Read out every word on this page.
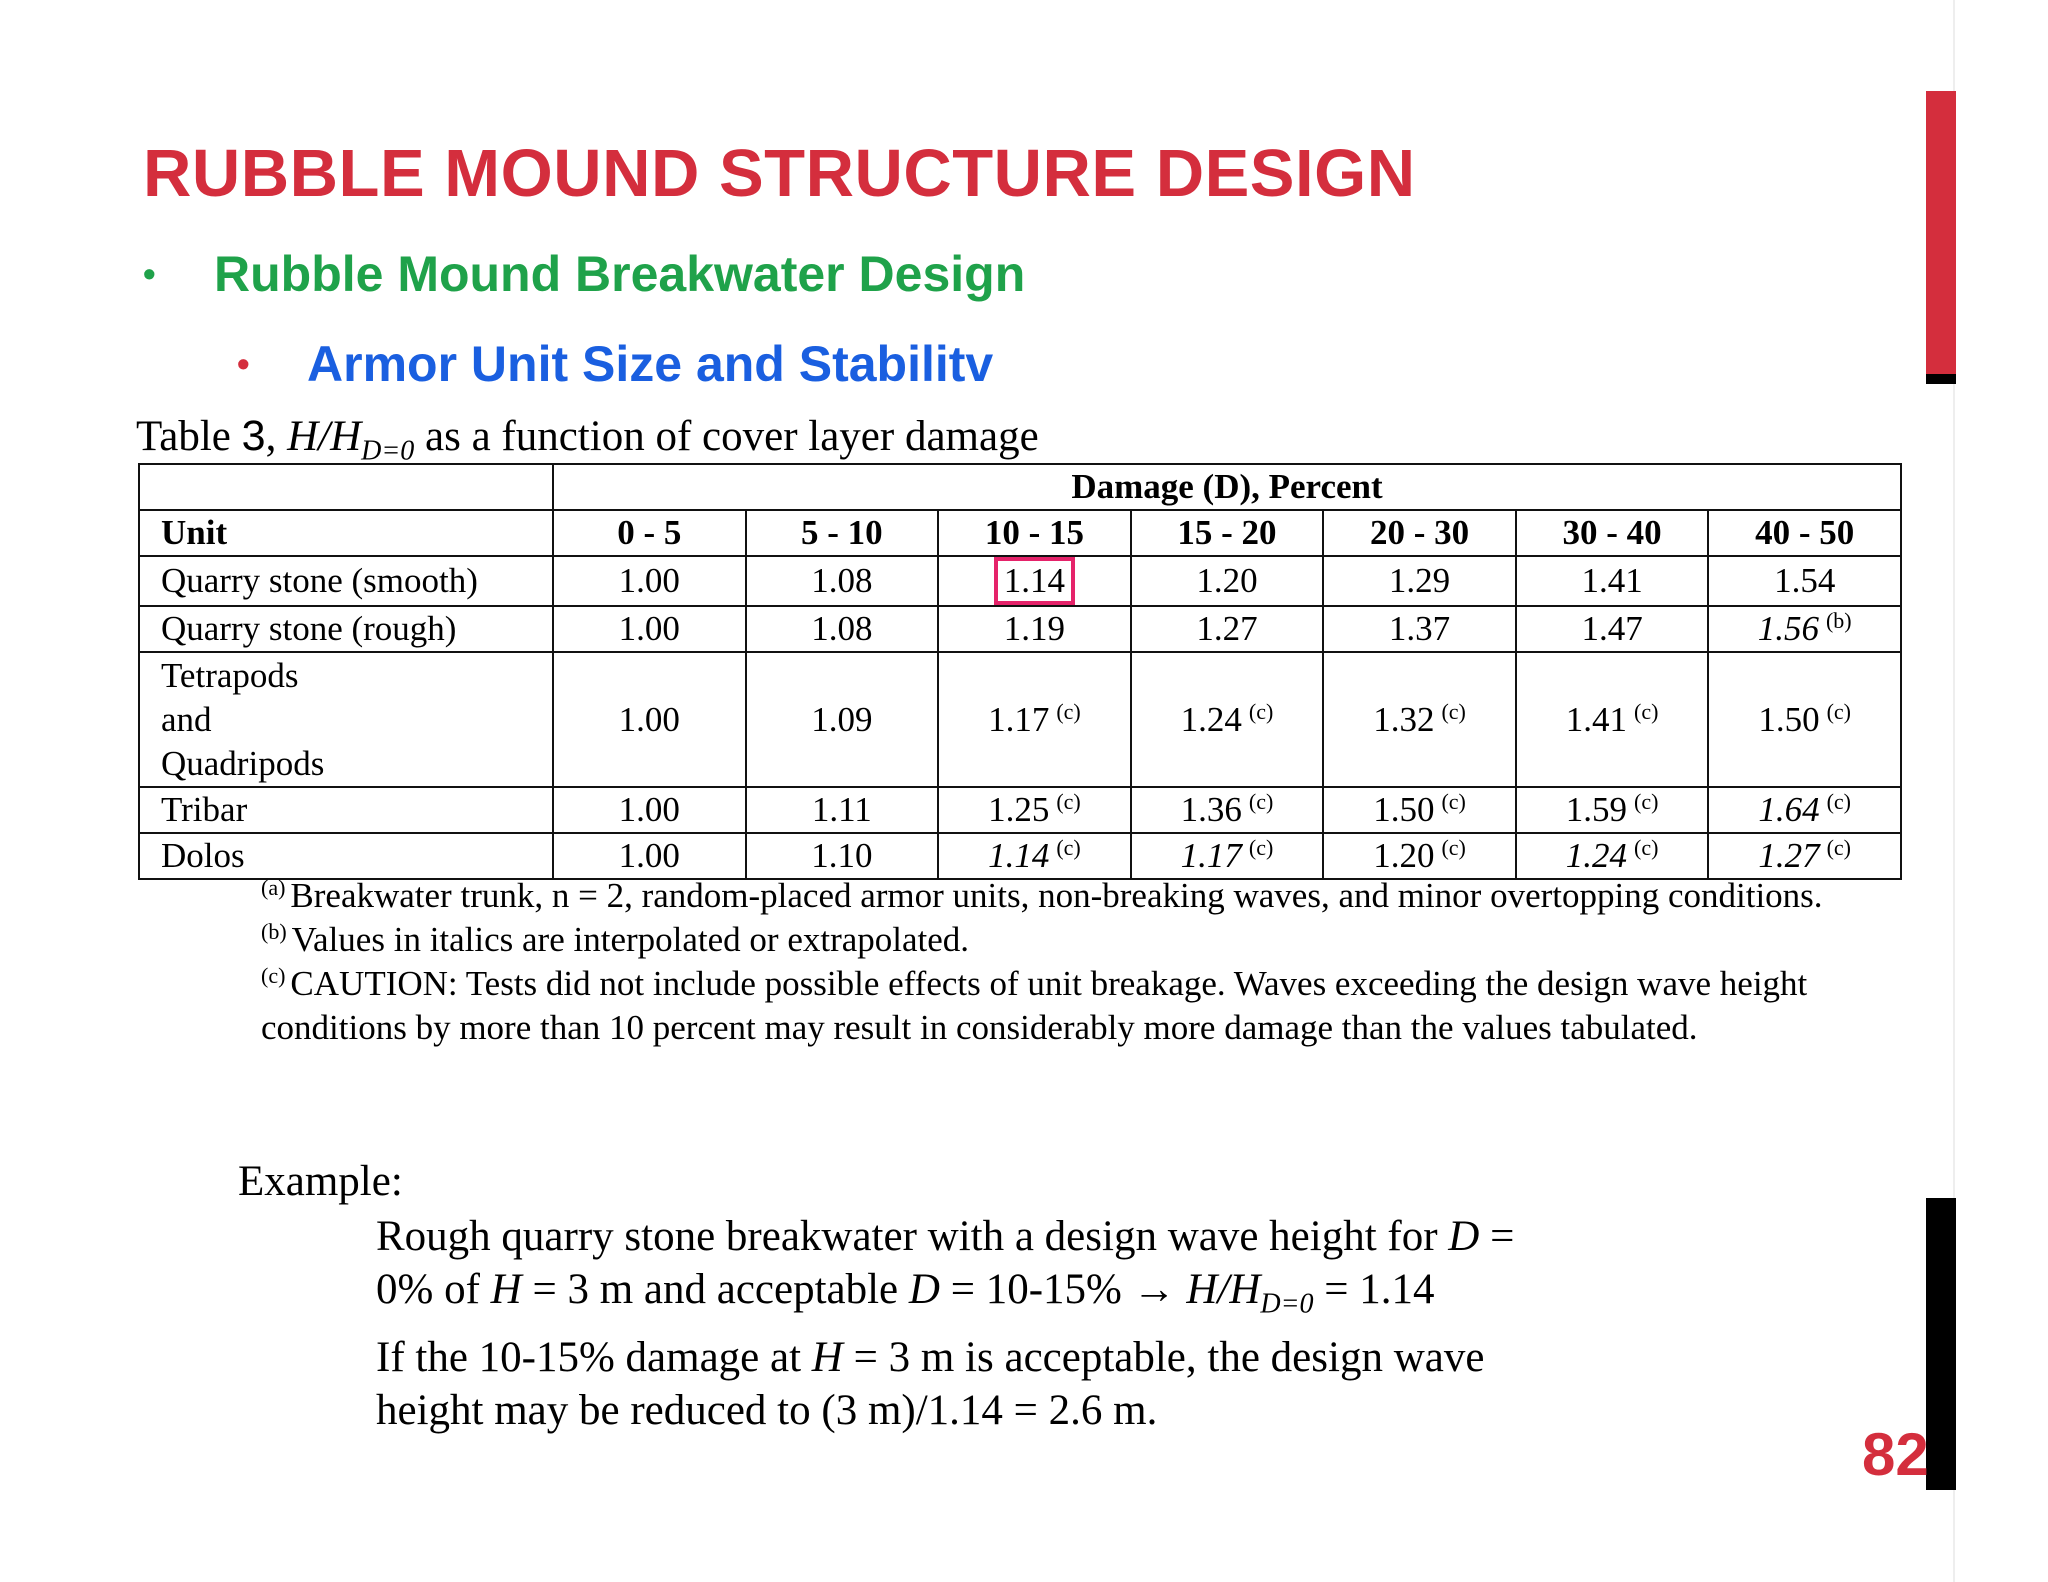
RUBBLE MOUND STRUCTURE DESIGN
• Rubble Mound Breakwater Design
• Armor Unit Size and Stabilitv
Table 3, $H/H_{D=0}$ as a function of cover layer damage
	Damage (D), Percent						
Unit	0 - 5	5 - 10	10 - 15	15 - 20	20 - 30	30 - 40	40 - 50
Quarry stone (smooth)	1.00	1.08	1.14	1.20	1.29	1.41	1.54
Quarry stone (rough)	1.00	1.08	1.19	1.27	1.37	1.47	1.56 $^{(b)}$

Tetrapods
and
Quadripods	1.00	1.09	1.17 $^{(c)}$	1.24 $^{(c)}$	1.32 $^{(c)}$	1.41 $^{(c)}$	1.50 $^{(c)}$
Tribar	1.00	1.11	1.25 $^{(c)}$	1.36 $^{(c)}$	1.50 $^{(c)}$	1.59 $^{(c)}$	1.64 $^{(c)}$
Dolos	1.00	1.10	1.14 $^{(c)}$	1.17 $^{(c)}$	1.20 $^{(c)}$	1.24 $^{(c)}$	1.27 $^{(c)}$

$^{(a)}$ Breakwater trunk, n = 2, random-placed armor units, non-breaking waves, and minor overtopping conditions.

$^{(b)}$ Values in italics are interpolated or extrapolated.

$^{(c)}$ CAUTION: Tests did not include possible effects of unit breakage. Waves exceeding the design wave height conditions by more than 10 percent may result in considerably more damage than the values tabulated.

Example:

Rough quarry stone breakwater with a design wave height for D =

0% of H = 3 m and acceptable $D = 10-15\% \to H/H_{D=0} = 1.14$

If the 10-15% damage at H = 3 m is acceptable, the design wave

height may be reduced to (3 m)/1.14 = 2.6 m.

82
